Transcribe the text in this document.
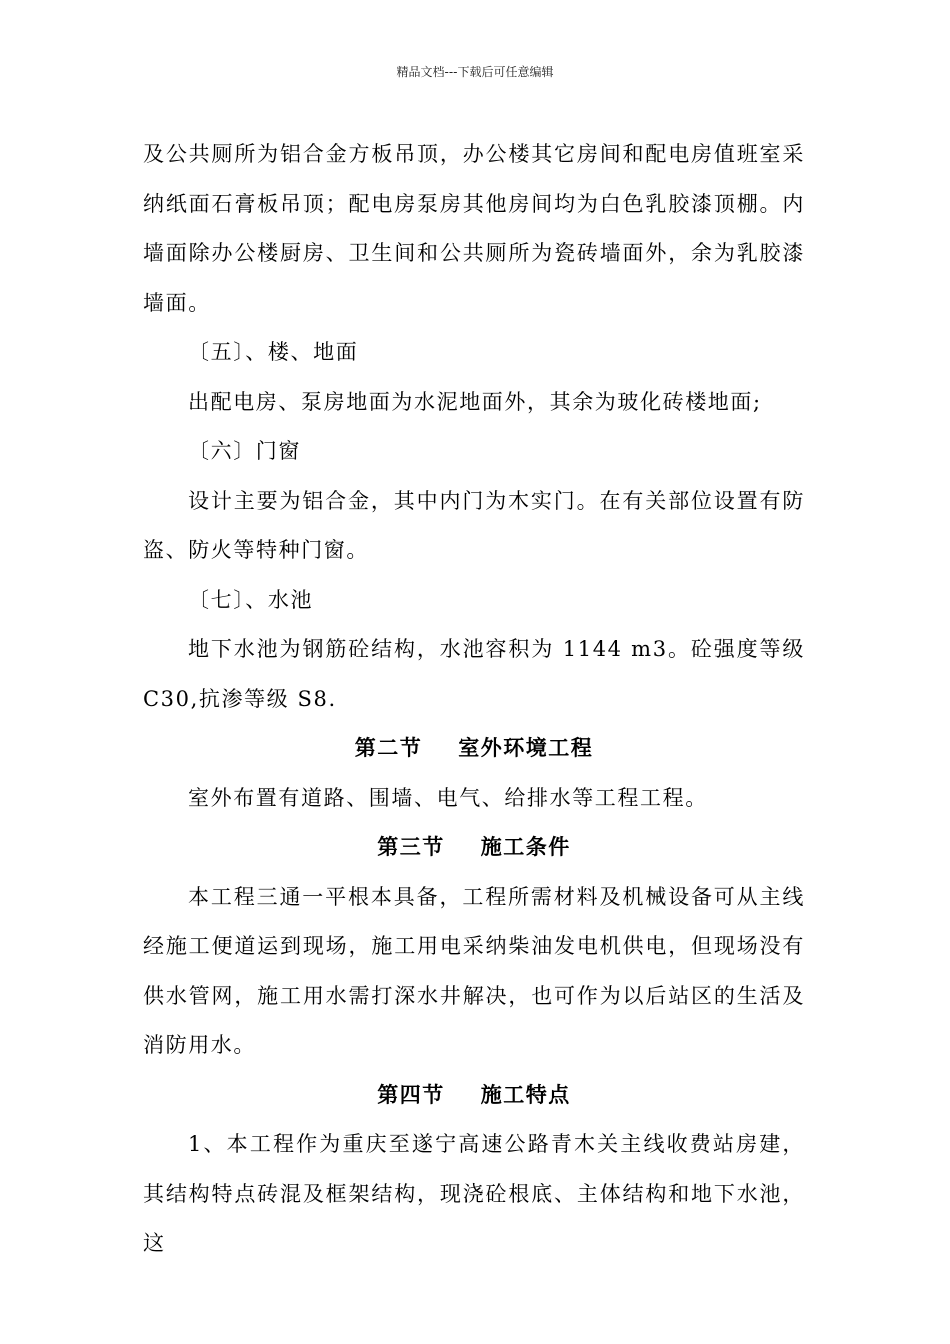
精品文档---下载后可任意编辑

及公共厕所为铝合金方板吊顶，办公楼其它房间和配电房值班室采纳纸面石膏板吊顶；配电房泵房其他房间均为白色乳胶漆顶棚。内墙面除办公楼厨房、卫生间和公共厕所为瓷砖墙面外，余为乳胶漆墙面。

〔五〕、楼、地面

出配电房、泵房地面为水泥地面外，其余为玻化砖楼地面;

〔六〕门窗

设计主要为铝合金，其中内门为木实门。在有关部位设置有防盗、防火等特种门窗。

〔七〕、水池

地下水池为钢筋砼结构，水池容积为 1144 m3。砼强度等级C30,抗渗等级 S8.

第二节 室外环境工程

室外布置有道路、围墙、电气、给排水等工程工程。

第三节 施工条件

本工程三通一平根本具备，工程所需材料及机械设备可从主线经施工便道运到现场，施工用电采纳柴油发电机供电，但现场没有供水管网，施工用水需打深水井解决，也可作为以后站区的生活及消防用水。

第四节 施工特点

1、本工程作为重庆至遂宁高速公路青木关主线收费站房建，其结构特点砖混及框架结构，现浇砼根底、主体结构和地下水池，这
